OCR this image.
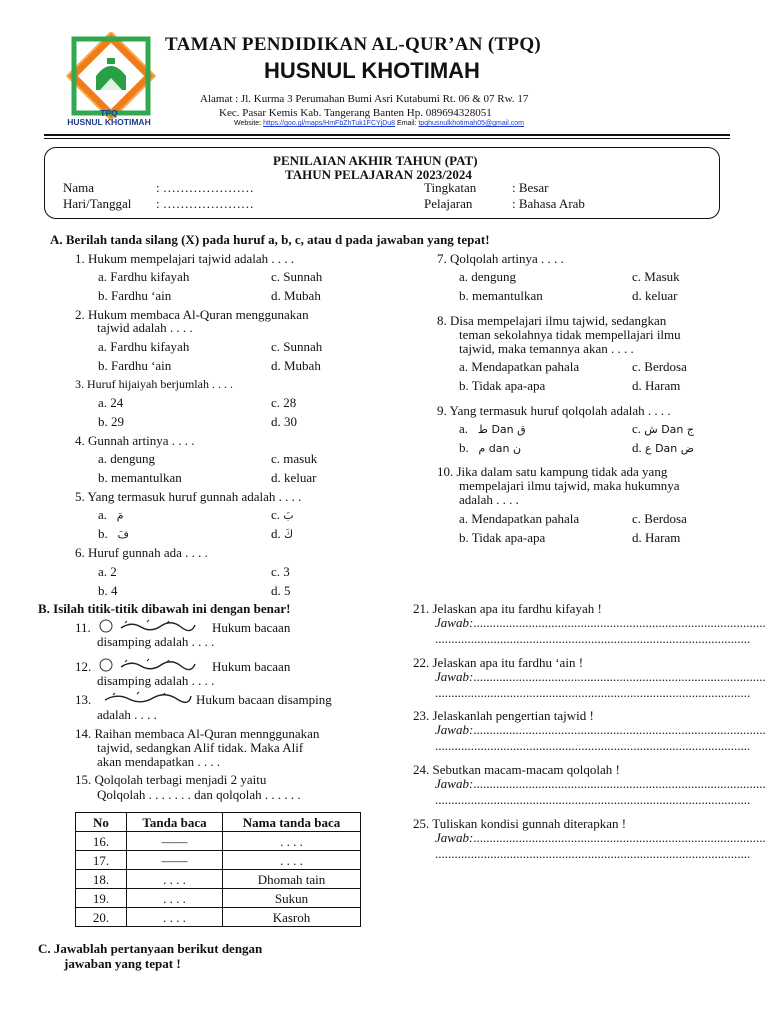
TPQ
HUSNUL KHOTIMAH
TAMAN PENDIDIKAN AL-QUR’AN (TPQ)
HUSNUL KHOTIMAH
Alamat : Jl. Kurma 3 Perumahan Bumi Asri Kutabumi Rt. 06 & 07 Rw. 17
Kec. Pasar Kemis Kab. Tangerang Banten Hp. 089694328051
Website: https://goo.gl/maps/HmFbZhTuk1FCYjDu8 Email: tpqhusnulkhotimah05@gmail.com
PENILAIAN AKHIR TAHUN (PAT)
TAHUN PELAJARAN 2023/2024
Nama	: …………………
Hari/Tanggal : …………………
Tingkatan	: Besar
Pelajaran	: Bahasa Arab
A. Berilah tanda silang (X) pada huruf a, b, c, atau d pada jawaban yang tepat!
1. Hukum mempelajari tajwid adalah . . . .
a. Fardhu kifayah	c. Sunnah
b. Fardhu ‘ain	d. Mubah
2. Hukum membaca Al-Quran menggunakan
tajwid adalah . . . .
a. Fardhu kifayah	c. Sunnah
b. Fardhu ‘ain	d. Mubah
3. Huruf hijaiyah berjumlah . . . .
a. 24	c. 28
b. 29	d. 30
4. Gunnah artinya . . . .
a. dengung	c. masuk
b. memantulkan	d. keluar
5. Yang termasuk huruf gunnah adalah . . . .
a. مَ	c. بَ
b. فَ	d. كَ
6. Huruf gunnah ada . . . .
a. 2	c. 3
b. 4	d. 5
7. Qolqolah artinya . . . .
a. dengung	c. Masuk
b. memantulkan	d. keluar
8. Disa mempelajari ilmu tajwid, sedangkan
teman sekolahnya tidak mempellajari ilmu
tajwid, maka temannya akan . . . .
a. Mendapatkan pahala	c. Berdosa
b. Tidak apa-apa	d. Haram
9. Yang termasuk huruf qolqolah adalah . . . .
a. ط Dan ق	c. ش Dan ج
b. م dan ن	d. ع Dan ض
10. Jika dalam satu kampung tidak ada yang
mempelajari ilmu tajwid, maka hukumnya
adalah . . . .
a. Mendapatkan pahala	c. Berdosa
b. Tidak apa-apa	d. Haram
B. Isilah titik-titik dibawah ini dengan benar!
11.	Hukum bacaan
disamping adalah . . . .
12.	Hukum bacaan
disamping adalah . . . .
13.	Hukum bacaan disamping
adalah . . . .
14. Raihan membaca Al-Quran mennggunakan
tajwid, sedangkan Alif tidak. Maka Alif
akan mendapatkan . . . .
15. Qolqolah terbagi menjadi 2 yaitu
Qolqolah . . . . . . . dan qolqolah . . . . . .
No	Tanda baca	Nama tanda baca
16.	——	. . . .
17.	——	. . . .
18.	. . . .	Dhomah tain
19.	. . . .	Sukun
20.	. . . .	Kasroh
21. Jelaskan apa itu fardhu kifayah !
Jawab:..........................................................................................
.................................................................................................
22. Jelaskan apa itu fardhu ‘ain !
Jawab:..........................................................................................
.................................................................................................
23. Jelaskanlah pengertian tajwid !
Jawab:..........................................................................................
.................................................................................................
24. Sebutkan macam-macam qolqolah !
Jawab:..........................................................................................
.................................................................................................
25. Tuliskan kondisi gunnah diterapkan !
Jawab:..........................................................................................
.................................................................................................
C. Jawablah pertanyaan berikut dengan
jawaban yang tepat !
